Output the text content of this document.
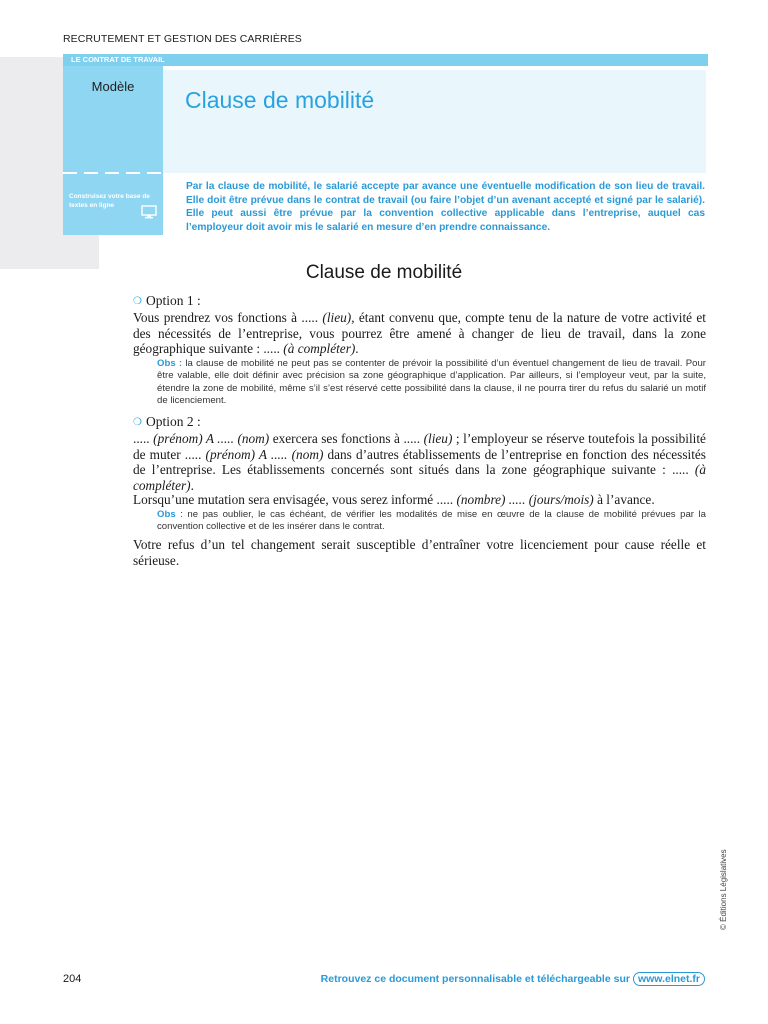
RECRUTEMENT ET GESTION DES CARRIÈRES
LE CONTRAT DE TRAVAIL
Modèle
Construisez votre base de textes en ligne
Clause de mobilité
Par la clause de mobilité, le salarié accepte par avance une éventuelle modification de son lieu de travail. Elle doit être prévue dans le contrat de travail (ou faire l’objet d’un avenant accepté et signé par le salarié). Elle peut aussi être prévue par la convention collective applicable dans l’entreprise, auquel cas l’employeur doit avoir mis le salarié en mesure d’en prendre connaissance.
Clause de mobilité
❍ Option 1 :
Vous prendrez vos fonctions à ..... (lieu), étant convenu que, compte tenu de la nature de votre activité et des nécessités de l’entreprise, vous pourrez être amené à changer de lieu de travail, dans la zone géographique suivante : ..... (à compléter).
Obs : la clause de mobilité ne peut pas se contenter de prévoir la possibilité d’un éventuel changement de lieu de travail. Pour être valable, elle doit définir avec précision sa zone géographique d’application. Par ailleurs, si l’employeur veut, par la suite, étendre la zone de mobilité, même s’il s’est réservé cette possibilité dans la clause, il ne pourra tirer du refus du salarié un motif de licenciement.
❍ Option 2 :
..... (prénom) A ..... (nom) exercera ses fonctions à ..... (lieu) ; l’employeur se réserve toutefois la possibilité de muter ..... (prénom) A ..... (nom) dans d’autres établissements de l’entreprise en fonction des nécessités de l’entreprise. Les établissements concernés sont situés dans la zone géographique suivante : ..... (à compléter).
Lorsqu’une mutation sera envisagée, vous serez informé ..... (nombre) ..... (jours/mois) à l’avance.
Obs : ne pas oublier, le cas échéant, de vérifier les modalités de mise en œuvre de la clause de mobilité prévues par la convention collective et de les insérer dans le contrat.
Votre refus d’un tel changement serait susceptible d’entraîner votre licenciement pour cause réelle et sérieuse.
© Éditions Législatives
204	Retrouvez ce document personnalisable et téléchargeable sur www.elnet.fr
